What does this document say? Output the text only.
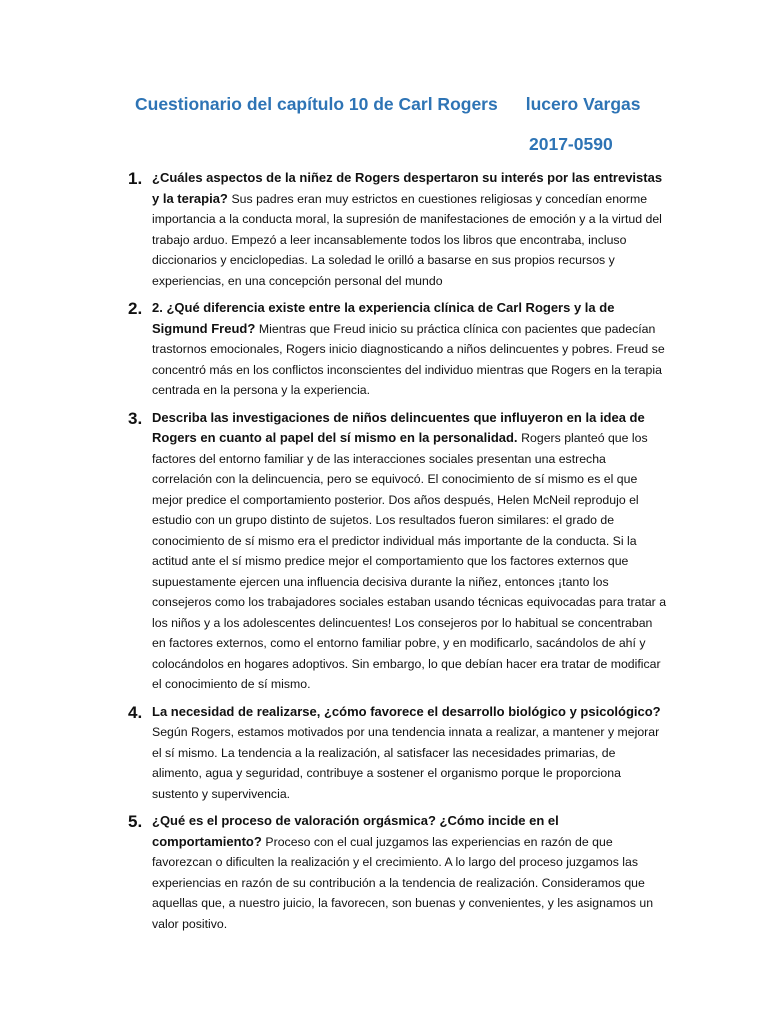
Cuestionario del capítulo 10 de Carl Rogers lucero Vargas
2017-0590
1. ¿Cuáles aspectos de la niñez de Rogers despertaron su interés por las entrevistas y la terapia? Sus padres eran muy estrictos en cuestiones religiosas y concedían enorme importancia a la conducta moral, la supresión de manifestaciones de emoción y a la virtud del trabajo arduo. Empezó a leer incansablemente todos los libros que encontraba, incluso diccionarios y enciclopedias. La soledad le orilló a basarse en sus propios recursos y experiencias, en una concepción personal del mundo
2. 2. ¿Qué diferencia existe entre la experiencia clínica de Carl Rogers y la de Sigmund Freud? Mientras que Freud inicio su práctica clínica con pacientes que padecían trastornos emocionales, Rogers inicio diagnosticando a niños delincuentes y pobres. Freud se concentró más en los conflictos inconscientes del individuo mientras que Rogers en la terapia centrada en la persona y la experiencia.
3. Describa las investigaciones de niños delincuentes que influyeron en la idea de Rogers en cuanto al papel del sí mismo en la personalidad. Rogers planteó que los factores del entorno familiar y de las interacciones sociales presentan una estrecha correlación con la delincuencia, pero se equivocó. El conocimiento de sí mismo es el que mejor predice el comportamiento posterior. Dos años después, Helen McNeil reprodujo el estudio con un grupo distinto de sujetos. Los resultados fueron similares: el grado de conocimiento de sí mismo era el predictor individual más importante de la conducta. Si la actitud ante el sí mismo predice mejor el comportamiento que los factores externos que supuestamente ejercen una influencia decisiva durante la niñez, entonces ¡tanto los consejeros como los trabajadores sociales estaban usando técnicas equivocadas para tratar a los niños y a los adolescentes delincuentes! Los consejeros por lo habitual se concentraban en factores externos, como el entorno familiar pobre, y en modificarlo, sacándolos de ahí y colocándolos en hogares adoptivos. Sin embargo, lo que debían hacer era tratar de modificar el conocimiento de sí mismo.
4. La necesidad de realizarse, ¿cómo favorece el desarrollo biológico y psicológico?
Según Rogers, estamos motivados por una tendencia innata a realizar, a mantener y mejorar el sí mismo. La tendencia a la realización, al satisfacer las necesidades primarias, de alimento, agua y seguridad, contribuye a sostener el organismo porque le proporciona sustento y supervivencia.
5. ¿Qué es el proceso de valoración orgásmica? ¿Cómo incide en el comportamiento? Proceso con el cual juzgamos las experiencias en razón de que favorezcan o dificulten la realización y el crecimiento. A lo largo del proceso juzgamos las experiencias en razón de su contribución a la tendencia de realización. Consideramos que aquellas que, a nuestro juicio, la favorecen, son buenas y convenientes, y les asignamos un valor positivo.
